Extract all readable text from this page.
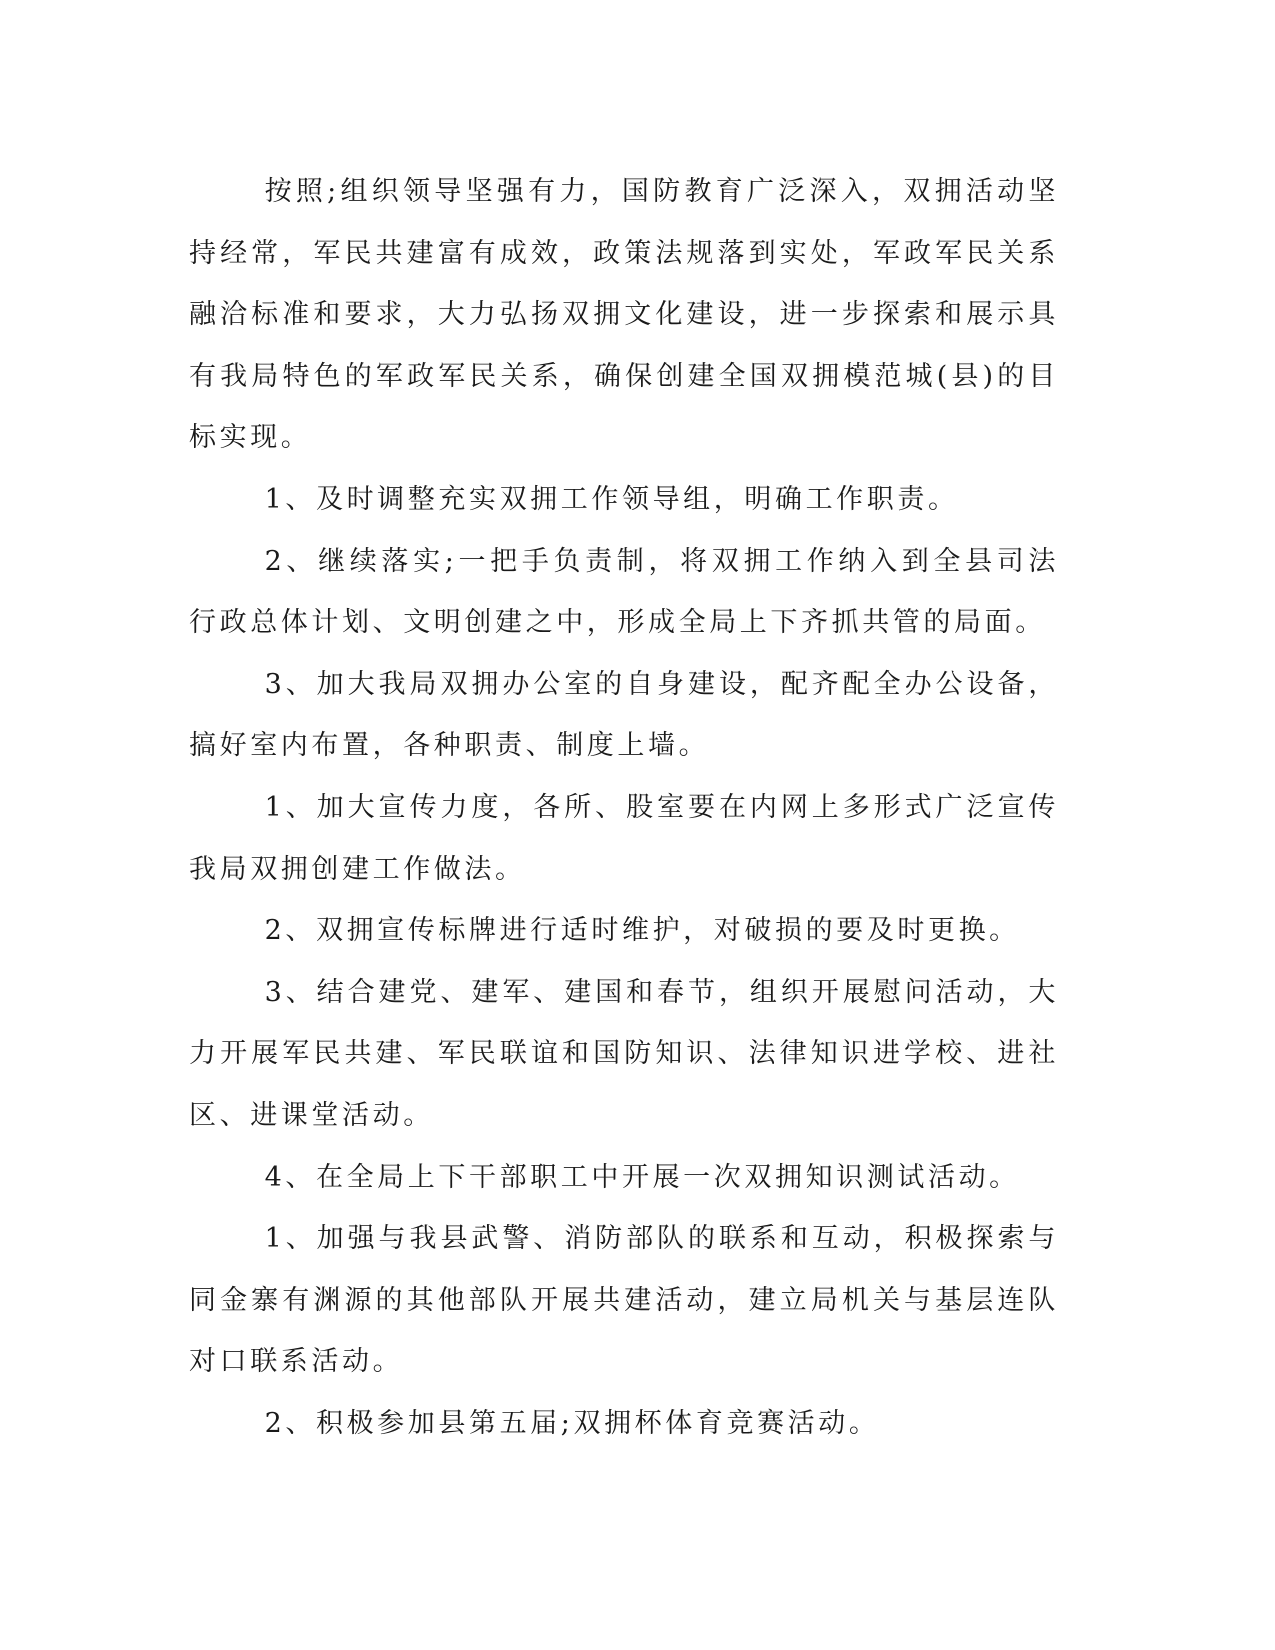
按照;组织领导坚强有力，国防教育广泛深入，双拥活动坚持经常，军民共建富有成效，政策法规落到实处，军政军民关系融洽标准和要求，大力弘扬双拥文化建设，进一步探索和展示具有我局特色的军政军民关系，确保创建全国双拥模范城(县)的目标实现。

1、及时调整充实双拥工作领导组，明确工作职责。

2、继续落实;一把手负责制，将双拥工作纳入到全县司法行政总体计划、文明创建之中，形成全局上下齐抓共管的局面。

3、加大我局双拥办公室的自身建设，配齐配全办公设备，搞好室内布置，各种职责、制度上墙。

1、加大宣传力度，各所、股室要在内网上多形式广泛宣传我局双拥创建工作做法。

2、双拥宣传标牌进行适时维护，对破损的要及时更换。

3、结合建党、建军、建国和春节，组织开展慰问活动，大力开展军民共建、军民联谊和国防知识、法律知识进学校、进社区、进课堂活动。

4、在全局上下干部职工中开展一次双拥知识测试活动。

1、加强与我县武警、消防部队的联系和互动，积极探索与同金寨有渊源的其他部队开展共建活动，建立局机关与基层连队对口联系活动。

2、积极参加县第五届;双拥杯体育竞赛活动。
